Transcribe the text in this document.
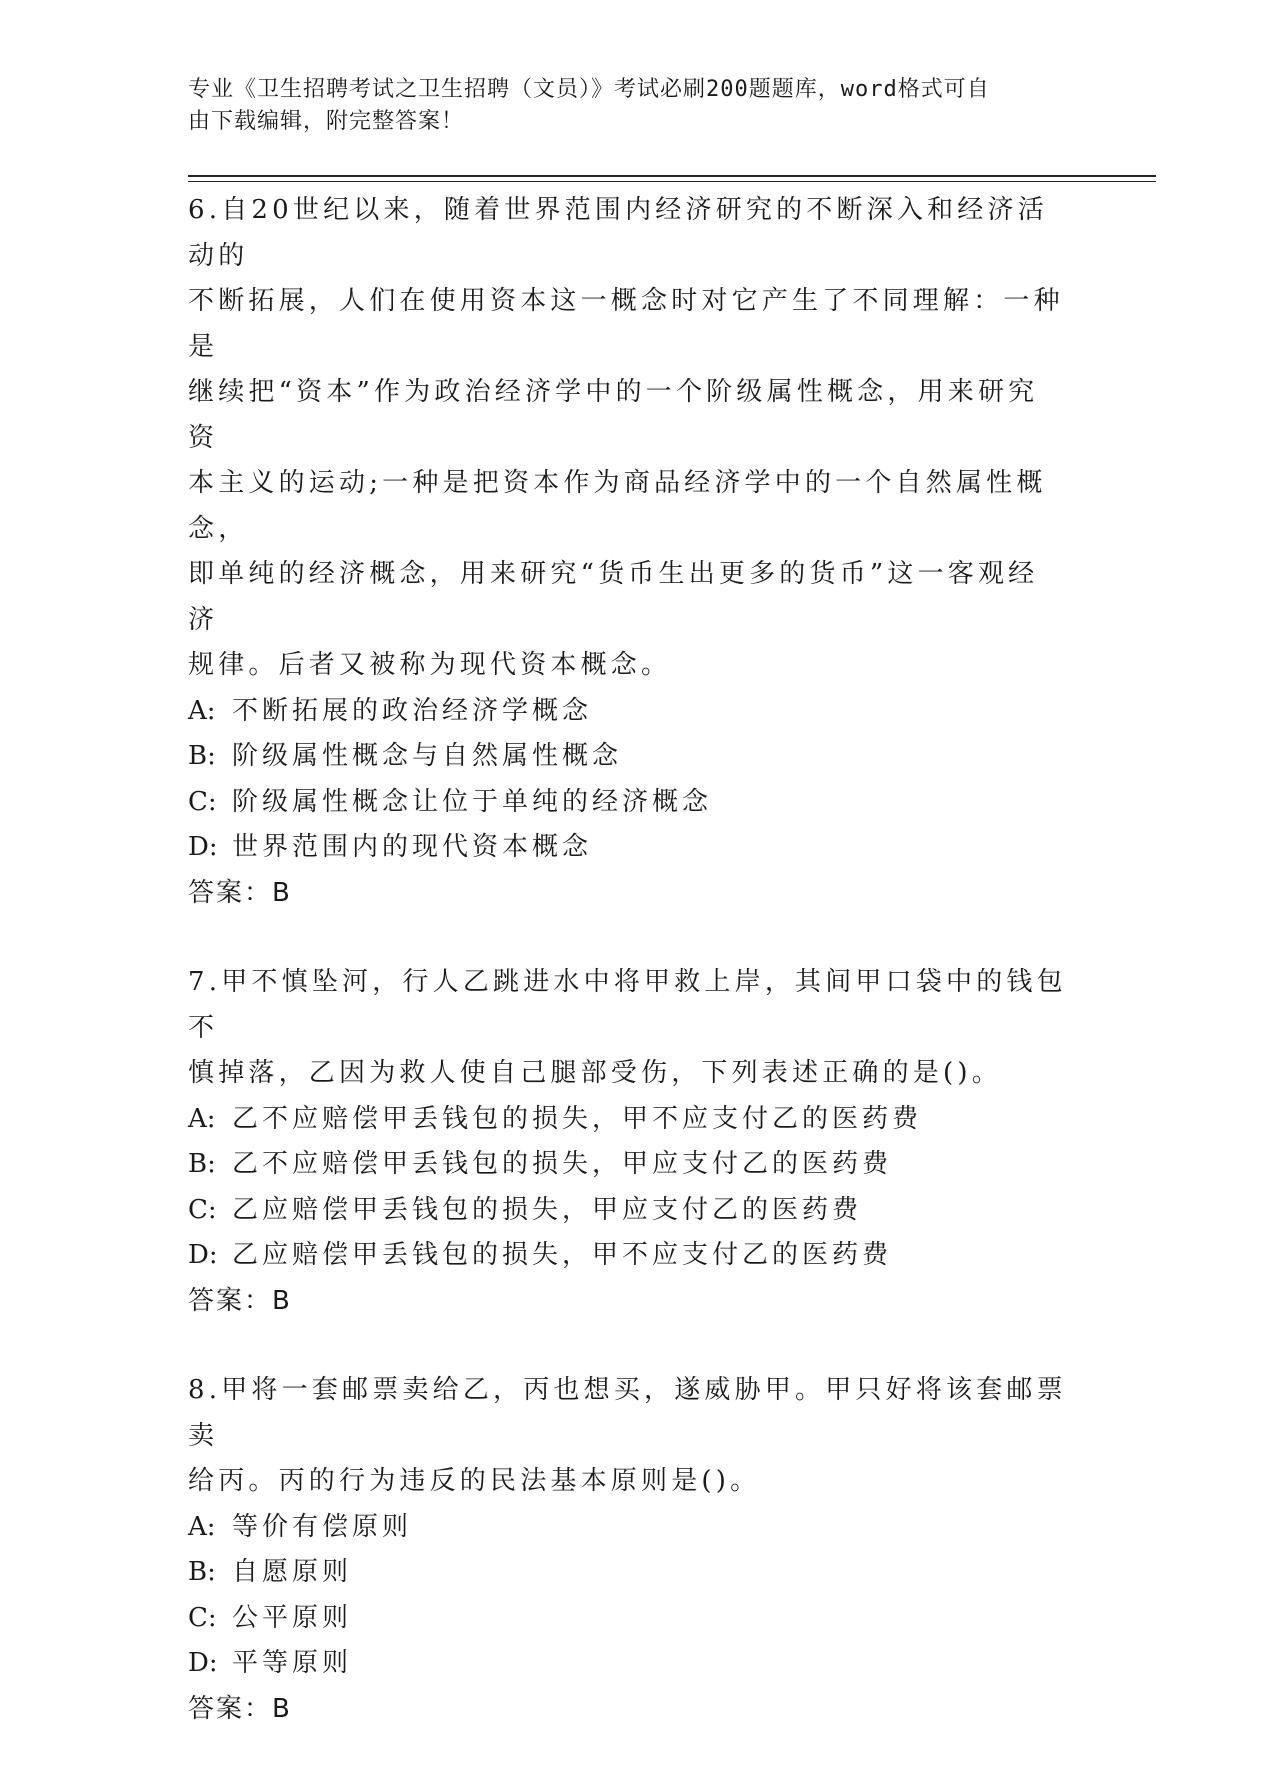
专业《卫生招聘考试之卫生招聘（文员）》考试必刷200题题库，word格式可自
由下载编辑，附完整答案！
6.自20世纪以来，随着世界范围内经济研究的不断深入和经济活动的
不断拓展，人们在使用资本这一概念时对它产生了不同理解：一种是
继续把“资本”作为政治经济学中的一个阶级属性概念，用来研究资
本主义的运动;一种是把资本作为商品经济学中的一个自然属性概念，
即单纯的经济概念，用来研究“货币生出更多的货币”这一客观经济
规律。后者又被称为现代资本概念。
A: 不断拓展的政治经济学概念
B: 阶级属性概念与自然属性概念
C: 阶级属性概念让位于单纯的经济概念
D: 世界范围内的现代资本概念
答案：B
7.甲不慎坠河，行人乙跳进水中将甲救上岸，其间甲口袋中的钱包不
慎掉落，乙因为救人使自己腿部受伤，下列表述正确的是()。
A: 乙不应赔偿甲丢钱包的损失，甲不应支付乙的医药费
B: 乙不应赔偿甲丢钱包的损失，甲应支付乙的医药费
C: 乙应赔偿甲丢钱包的损失，甲应支付乙的医药费
D: 乙应赔偿甲丢钱包的损失，甲不应支付乙的医药费
答案：B
8.甲将一套邮票卖给乙，丙也想买，遂威胁甲。甲只好将该套邮票卖
给丙。丙的行为违反的民法基本原则是()。
A: 等价有偿原则
B: 自愿原则
C: 公平原则
D: 平等原则
答案：B
